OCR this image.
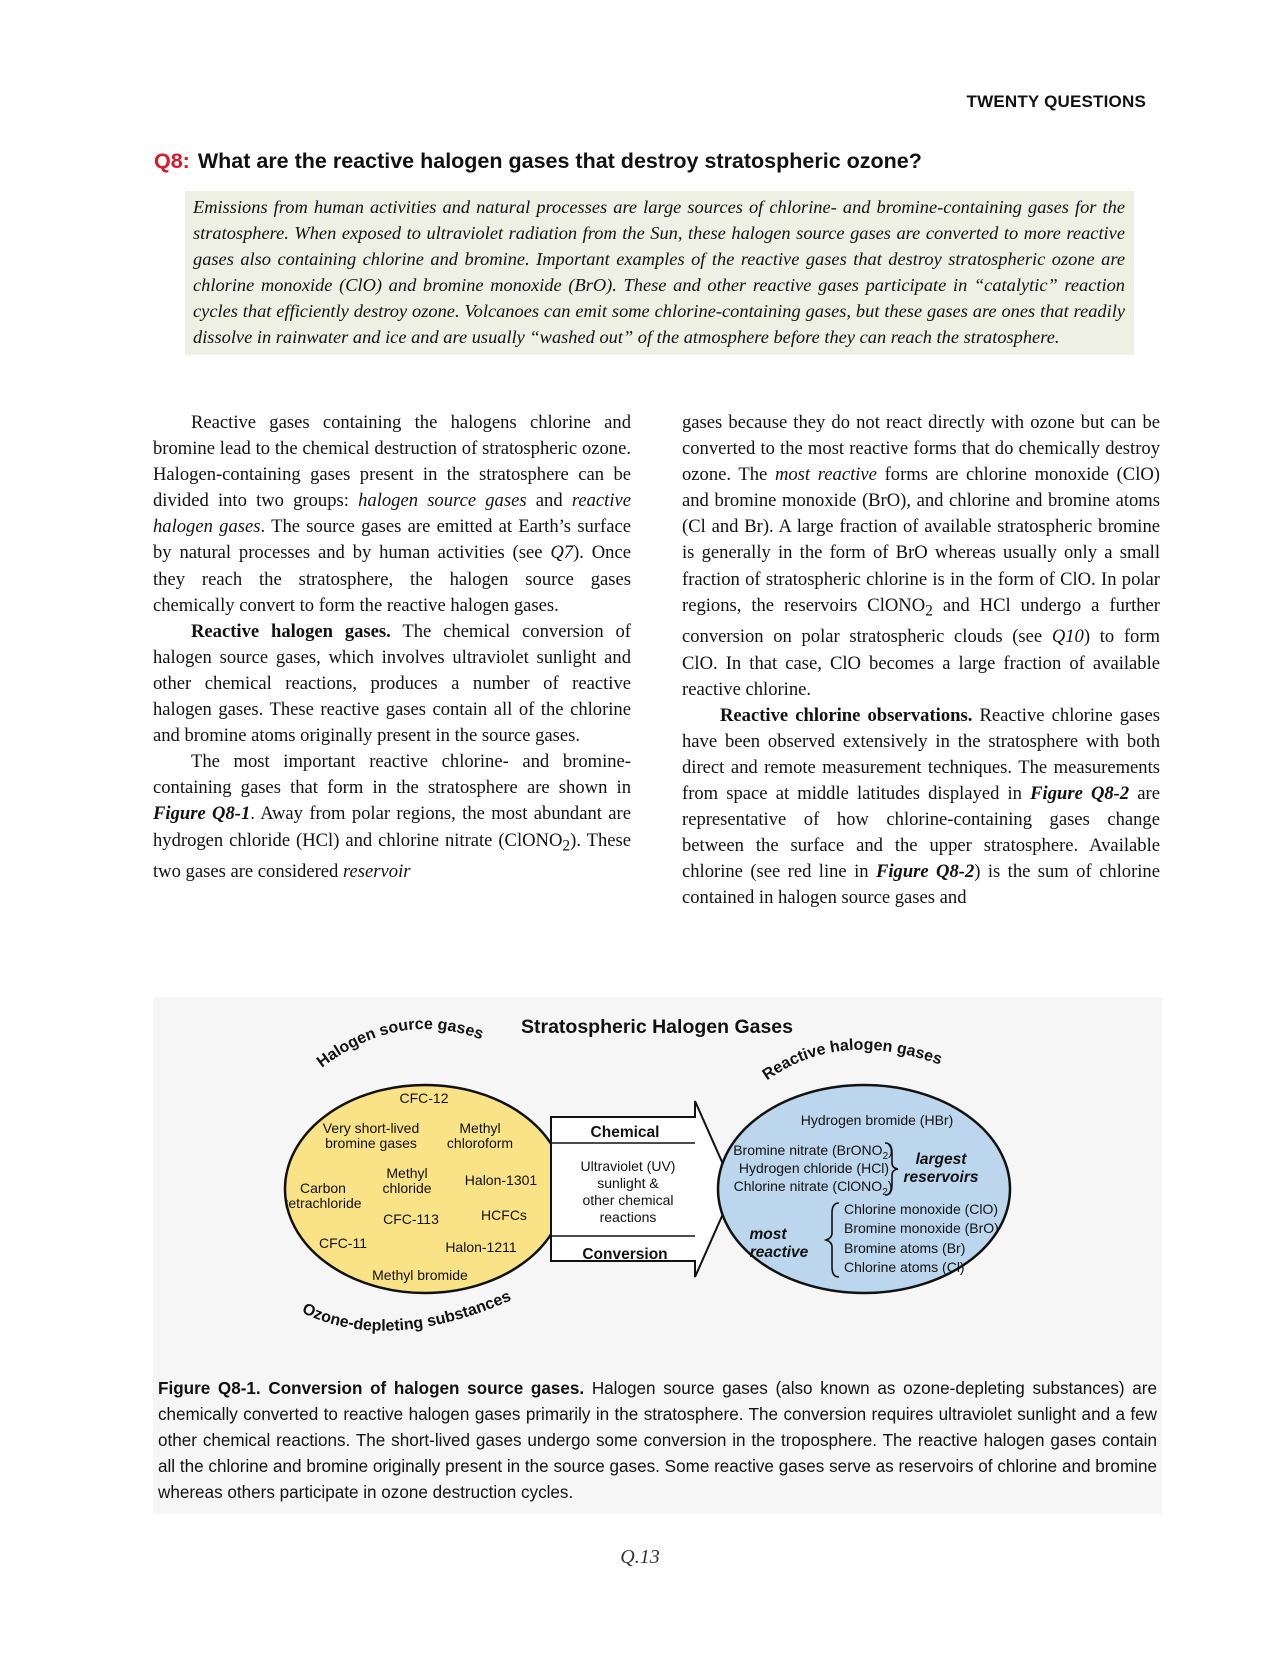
TWENTY QUESTIONS
Q8: What are the reactive halogen gases that destroy stratospheric ozone?
Emissions from human activities and natural processes are large sources of chlorine- and bromine-containing gases for the stratosphere. When exposed to ultraviolet radiation from the Sun, these halogen source gases are converted to more reactive gases also containing chlorine and bromine. Important examples of the reactive gases that destroy stratospheric ozone are chlorine monoxide (ClO) and bromine monoxide (BrO). These and other reactive gases participate in “catalytic” reaction cycles that efficiently destroy ozone. Volcanoes can emit some chlorine-containing gases, but these gases are ones that readily dissolve in rainwater and ice and are usually “washed out” of the atmosphere before they can reach the stratosphere.

Reactive gases containing the halogens chlorine and bromine lead to the chemical destruction of stratospheric ozone. Halogen-containing gases present in the stratosphere can be divided into two groups: halogen source gases and reactive halogen gases. The source gases are emitted at Earth’s surface by natural processes and by human activities (see Q7). Once they reach the stratosphere, the halogen source gases chemically convert to form the reactive halogen gases.

Reactive halogen gases. The chemical conversion of halogen source gases, which involves ultraviolet sunlight and other chemical reactions, produces a number of reactive halogen gases. These reactive gases contain all of the chlorine and bromine atoms originally present in the source gases.

The most important reactive chlorine- and bromine-containing gases that form in the stratosphere are shown in Figure Q8-1. Away from polar regions, the most abundant are hydrogen chloride (HCl) and chlorine nitrate (ClONO$_2$). These two gases are considered reservoir

gases because they do not react directly with ozone but can be converted to the most reactive forms that do chemically destroy ozone. The most reactive forms are chlorine monoxide (ClO) and bromine monoxide (BrO), and chlorine and bromine atoms (Cl and Br). A large fraction of available stratospheric bromine is generally in the form of BrO whereas usually only a small fraction of stratospheric chlorine is in the form of ClO. In polar regions, the reservoirs ClONO$_2$ and HCl undergo a further conversion on polar stratospheric clouds (see Q10) to form ClO. In that case, ClO becomes a large fraction of available reactive chlorine.

Reactive chlorine observations. Reactive chlorine gases have been observed extensively in the stratosphere with both direct and remote measurement techniques. The measurements from space at middle latitudes displayed in Figure Q8-2 are representative of how chlorine-containing gases change between the surface and the upper stratosphere. Available chlorine (see red line in Figure Q8-2) is the sum of chlorine contained in halogen source gases and

Stratospheric Halogen Gases
Halogen source gases
Ozone-depleting substances
CFC-12
Very short-lived
bromine gases
Methyl
chloroform
Methyl
chloride
Carbon
tetrachloride
Halon-1301
CFC-113	HCFCs
CFC-11	Halon-1211
Methyl bromide
Chemical
Ultraviolet (UV)
sunlight &
other chemical
reactions
Conversion
Reactive halogen gases
Hydrogen bromide (HBr)
Bromine nitrate (BrONO$_2$)
Hydrogen chloride (HCl)
Chlorine nitrate (ClONO$_2$)
Chlorine monoxide (ClO)
Bromine monoxide (BrO)
Bromine atoms (Br)
Chlorine atoms (Cl)
largest
reservoirs
most
reactive
Figure Q8-1. Conversion of halogen source gases. Halogen source gases (also known as ozone-depleting substances) are chemically converted to reactive halogen gases primarily in the stratosphere. The conversion requires ultraviolet sunlight and a few other chemical reactions. The short-lived gases undergo some conversion in the troposphere. The reactive halogen gases contain all the chlorine and bromine originally present in the source gases. Some reactive gases serve as reservoirs of chlorine and bromine whereas others participate in ozone destruction cycles.
Q.13
